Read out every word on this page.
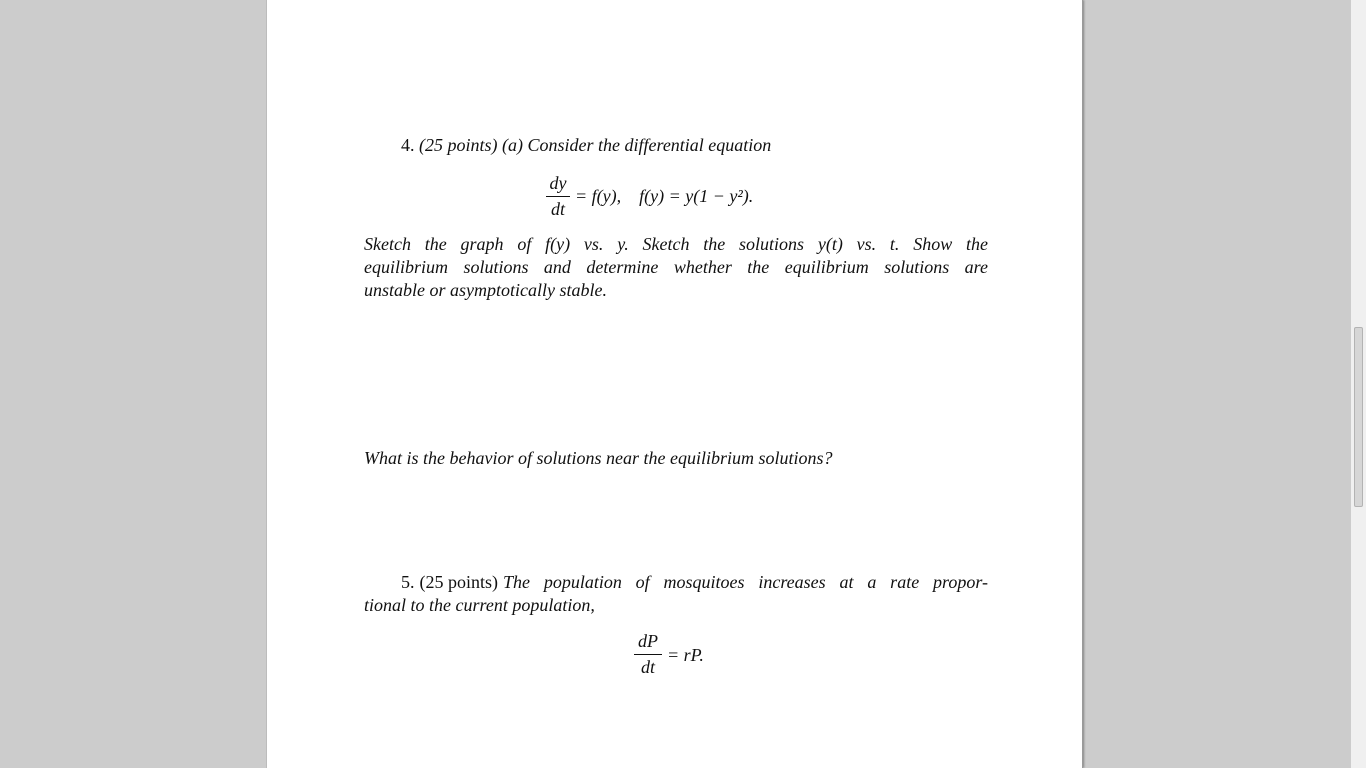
4. (25 points) (a) Consider the differential equation
dy
dt
= f(y),    f(y) = y(1 − y²).
Sketch the graph of f(y) vs. y. Sketch the solutions y(t) vs. t. Show the
equilibrium solutions and determine whether the equilibrium solutions are
unstable or asymptotically stable.
What is the behavior of solutions near the equilibrium solutions?
5. (25 points) The population of mosquitoes increases at a rate propor-
tional to the current population,
dP
dt
= rP.
